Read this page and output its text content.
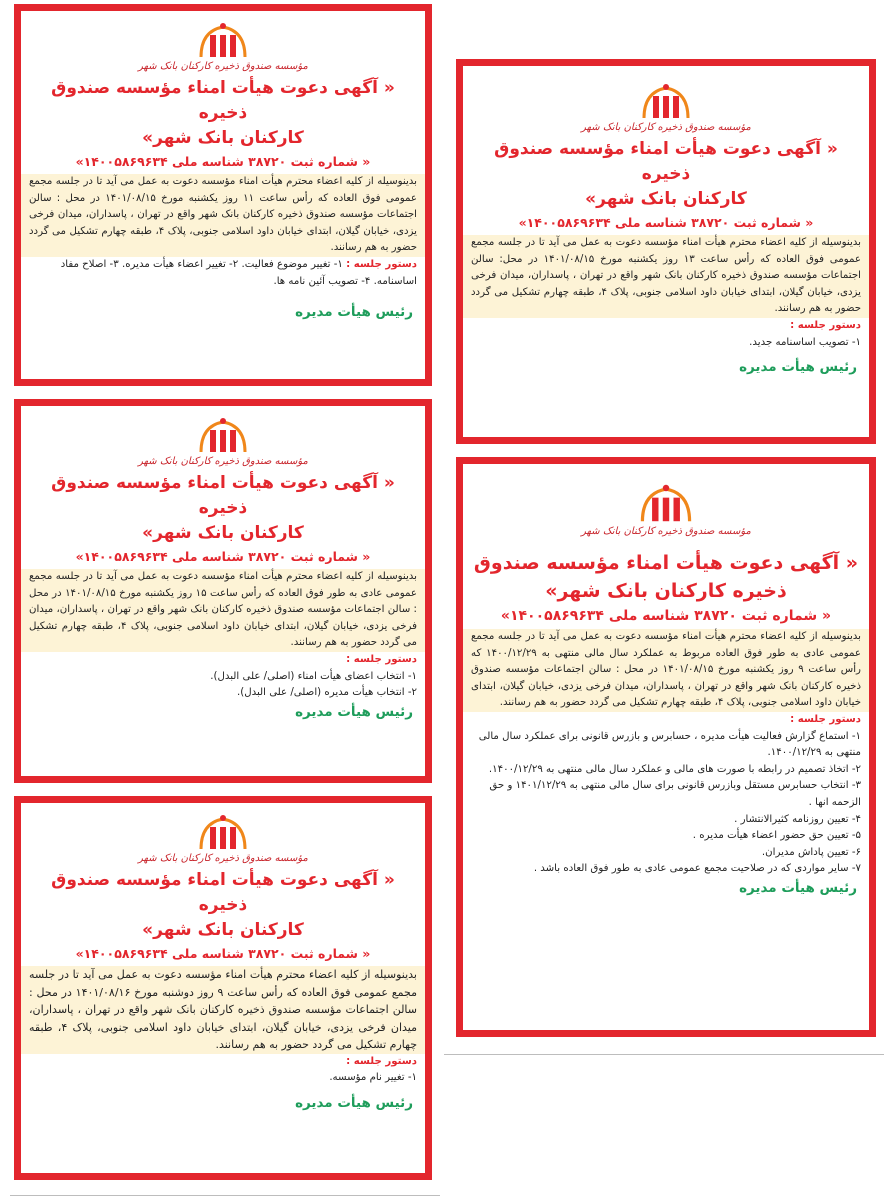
مؤسسه صندوق ذخیره کارکنان بانک شهر
« آگهی دعوت هیأت امناء مؤسسه صندوق ذخیره
کارکنان بانک شهر»
« شماره ثبت ۳۸۷۲۰ شناسه ملی ۱۴۰۰۵۸۶۹۶۳۴»
بدینوسیله از کلیه اعضاء محترم هیأت امناء مؤسسه دعوت به عمل می آید تا در جلسه مجمع عمومی فوق العاده که رأس ساعت ۱۱ روز یکشنبه مورخ ۱۴۰۱/۰۸/۱۵ در محل : سالن اجتماعات مؤسسه صندوق ذخیره کارکنان بانک شهر واقع در تهران ، پاسداران، میدان فرخی یزدی، خیابان گیلان، ابتدای خیابان داود اسلامی جنوبی، پلاک ۴، طبقه چهارم تشکیل می گردد حضور به هم رسانند.
دستور جلسه : ۱- تغییر موضوع فعالیت. ۲- تغییر اعضاء هیأت مدیره. ۳- اصلاح مفاد اساسنامه. ۴- تصویب آئین نامه ها.
رئیس هیأت مدیره
مؤسسه صندوق ذخیره کارکنان بانک شهر
« آگهی دعوت هیأت امناء مؤسسه صندوق ذخیره
کارکنان بانک شهر»
« شماره ثبت ۳۸۷۲۰ شناسه ملی ۱۴۰۰۵۸۶۹۶۳۴»
بدینوسیله از کلیه اعضاء محترم هیأت امناء مؤسسه دعوت به عمل می آید تا در جلسه مجمع عمومی فوق العاده که رأس ساعت ۱۳ روز یکشنبه مورخ ۱۴۰۱/۰۸/۱۵ در محل: سالن اجتماعات مؤسسه صندوق ذخیره کارکنان بانک شهر واقع در تهران ، پاسداران، میدان فرخی یزدی، خیابان گیلان، ابتدای خیابان داود اسلامی جنوبی، پلاک ۴، طبقه چهارم تشکیل می گردد حضور به هم رسانند.
دستور جلسه :
۱- تصویب اساسنامه جدید.
رئیس هیأت مدیره
مؤسسه صندوق ذخیره کارکنان بانک شهر
« آگهی دعوت هیأت امناء مؤسسه صندوق ذخیره
کارکنان بانک شهر»
« شماره ثبت ۳۸۷۲۰ شناسه ملی ۱۴۰۰۵۸۶۹۶۳۴»
بدینوسیله از کلیه اعضاء محترم هیأت امناء مؤسسه دعوت به عمل می آید تا در جلسه مجمع عمومی عادی به طور فوق العاده که رأس ساعت ۱۵ روز یکشنبه مورخ ۱۴۰۱/۰۸/۱۵ در محل : سالن اجتماعات مؤسسه صندوق ذخیره کارکنان بانک شهر واقع در تهران ، پاسداران، میدان فرخی یزدی، خیابان گیلان، ابتدای خیابان داود اسلامی جنوبی، پلاک ۴، طبقه چهارم تشکیل می گردد حضور به هم رسانند.
دستور جلسه :
۱- انتخاب اعضای هیأت امناء (اصلی/ علی البدل).
۲- انتخاب هیأت مدیره (اصلی/ علی البدل).
رئیس هیأت مدیره
مؤسسه صندوق ذخیره کارکنان بانک شهر
« آگهی دعوت هیأت امناء مؤسسه صندوق
ذخیره کارکنان بانک شهر»
« شماره ثبت ۳۸۷۲۰ شناسه ملی ۱۴۰۰۵۸۶۹۶۳۴»
بدینوسیله از کلیه اعضاء محترم هیأت امناء مؤسسه دعوت به عمل می آید تا در جلسه مجمع عمومی عادی به طور فوق العاده مربوط به عملکرد سال مالی منتهی به ۱۴۰۰/۱۲/۲۹ که رأس ساعت ۹ روز یکشنبه مورخ ۱۴۰۱/۰۸/۱۵ در محل : سالن اجتماعات مؤسسه صندوق ذخیره کارکنان بانک شهر واقع در تهران ، پاسداران، میدان فرخی یزدی، خیابان گیلان، ابتدای خیابان داود اسلامی جنوبی، پلاک ۴، طبقه چهارم تشکیل می گردد حضور به هم رسانند.
دستور جلسه :
۱- استماع گزارش فعالیت هیأت مدیره ، حسابرس و بازرس قانونی برای عملکرد سال مالی منتهی به ۱۴۰۰/۱۲/۲۹.
۲- اتخاذ تصمیم در رابطه با صورت های مالی و عملکرد سال مالی منتهی به ۱۴۰۰/۱۲/۲۹.
۳- انتخاب حسابرس مستقل وبازرس قانونی برای سال مالی منتهی به ۱۴۰۱/۱۲/۲۹ و حق الزحمه انها .
۴- تعیین روزنامه کثیرالانتشار .
۵- تعیین حق حضور اعضاء هیأت مدیره .
۶- تعیین پاداش مدیران.
۷- سایر مواردی که در صلاحیت مجمع عمومی عادی به طور فوق العاده باشد .
رئیس هیأت مدیره
مؤسسه صندوق ذخیره کارکنان بانک شهر
« آگهی دعوت هیأت امناء مؤسسه صندوق ذخیره
کارکنان بانک شهر»
« شماره ثبت ۳۸۷۲۰ شناسه ملی ۱۴۰۰۵۸۶۹۶۳۴»
بدینوسیله از کلیه اعضاء محترم هیأت امناء مؤسسه دعوت به عمل می آید تا در جلسه مجمع عمومی فوق العاده که رأس ساعت ۹ روز دوشنبه مورخ ۱۴۰۱/۰۸/۱۶ در محل : سالن اجتماعات مؤسسه صندوق ذخیره کارکنان بانک شهر واقع در تهران ، پاسداران، میدان فرخی یزدی، خیابان گیلان، ابتدای خیابان داود اسلامی جنوبی، پلاک ۴، طبقه چهارم تشکیل می گردد حضور به هم رسانند.
دستور جلسه :
۱- تغییر نام مؤسسه.
رئیس هیأت مدیره
